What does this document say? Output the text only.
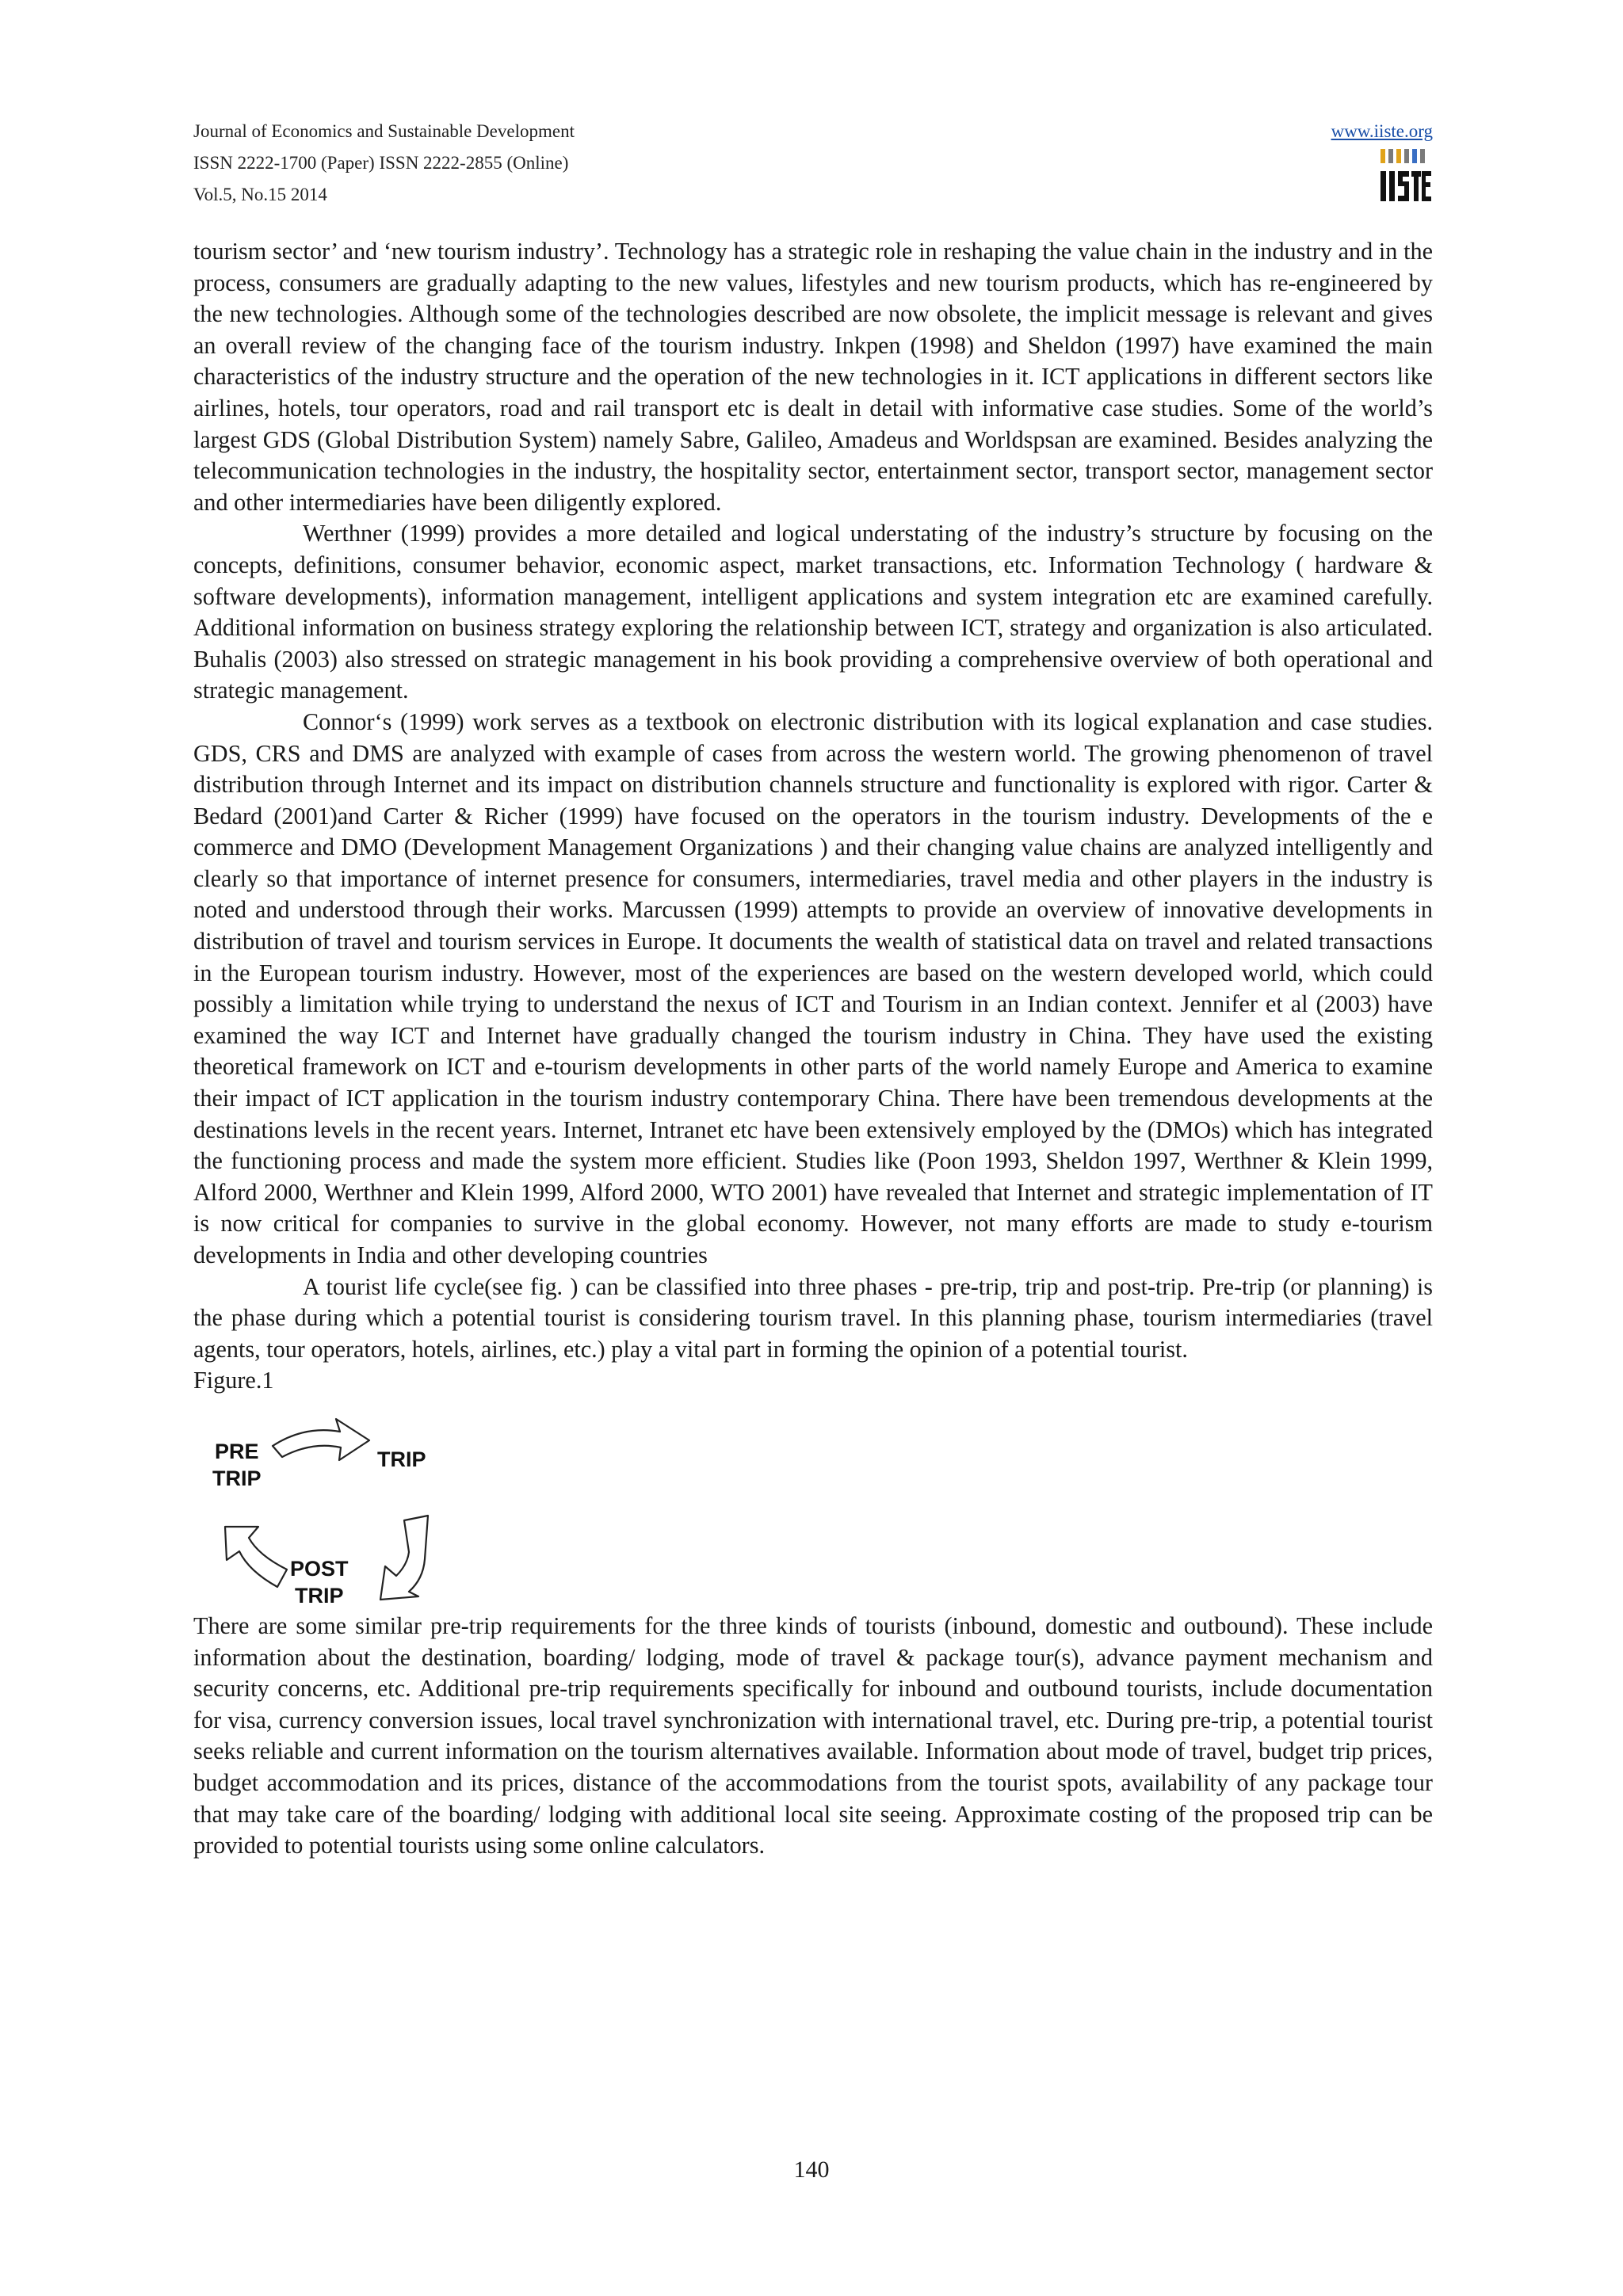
Journal of Economics and Sustainable Development
ISSN 2222-1700 (Paper) ISSN 2222-2855 (Online)
Vol.5, No.15 2014
www.iiste.org

tourism sector’ and ‘new tourism industry’. Technology has a strategic role in reshaping the value chain in the industry and in the process, consumers are gradually adapting to the new values, lifestyles and new tourism products, which has re-engineered by the new technologies. Although some of the technologies described are now obsolete, the implicit message is relevant and gives an overall review of the changing face of the tourism industry. Inkpen (1998) and Sheldon (1997) have examined the main characteristics of the industry structure and the operation of the new technologies in it. ICT applications in different sectors like airlines, hotels, tour operators, road and rail transport etc is dealt in detail with informative case studies. Some of the world’s largest GDS (Global Distribution System) namely Sabre, Galileo, Amadeus and Worldspsan are examined. Besides analyzing the telecommunication technologies in the industry, the hospitality sector, entertainment sector, transport sector, management sector and other intermediaries have been diligently explored.

Werthner (1999) provides a more detailed and logical understating of the industry’s structure by focusing on the concepts, definitions, consumer behavior, economic aspect, market transactions, etc. Information Technology ( hardware & software developments), information management, intelligent applications and system integration etc are examined carefully. Additional information on business strategy exploring the relationship between ICT, strategy and organization is also articulated. Buhalis (2003) also stressed on strategic management in his book providing a comprehensive overview of both operational and strategic management.

Connor‘s (1999) work serves as a textbook on electronic distribution with its logical explanation and case studies. GDS, CRS and DMS are analyzed with example of cases from across the western world. The growing phenomenon of travel distribution through Internet and its impact on distribution channels structure and functionality is explored with rigor. Carter & Bedard (2001)and Carter & Richer (1999) have focused on the operators in the tourism industry. Developments of the e commerce and DMO (Development Management Organizations ) and their changing value chains are analyzed intelligently and clearly so that importance of internet presence for consumers, intermediaries, travel media and other players in the industry is noted and understood through their works. Marcussen (1999) attempts to provide an overview of innovative developments in distribution of travel and tourism services in Europe. It documents the wealth of statistical data on travel and related transactions in the European tourism industry. However, most of the experiences are based on the western developed world, which could possibly a limitation while trying to understand the nexus of ICT and Tourism in an Indian context. Jennifer et al (2003) have examined the way ICT and Internet have gradually changed the tourism industry in China. They have used the existing theoretical framework on ICT and e-tourism developments in other parts of the world namely Europe and America to examine their impact of ICT application in the tourism industry contemporary China. There have been tremendous developments at the destinations levels in the recent years. Internet, Intranet etc have been extensively employed by the (DMOs) which has integrated the functioning process and made the system more efficient. Studies like (Poon 1993, Sheldon 1997, Werthner & Klein 1999, Alford 2000, Werthner and Klein 1999, Alford 2000, WTO 2001) have revealed that Internet and strategic implementation of IT is now critical for companies to survive in the global economy. However, not many efforts are made to study e-tourism developments in India and other developing countries

A tourist life cycle(see fig. ) can be classified into three phases - pre-trip, trip and post-trip. Pre-trip (or planning) is the phase during which a potential tourist is considering tourism travel. In this planning phase, tourism intermediaries (travel agents, tour operators, hotels, airlines, etc.) play a vital part in forming the opinion of a potential tourist.

Figure.1

PRE
TRIP
TRIP
POST
TRIP

There are some similar pre-trip requirements for the three kinds of tourists (inbound, domestic and outbound). These include information about the destination, boarding/ lodging, mode of travel & package tour(s), advance payment mechanism and security concerns, etc. Additional pre-trip requirements specifically for inbound and outbound tourists, include documentation for visa, currency conversion issues, local travel synchronization with international travel, etc. During pre-trip, a potential tourist seeks reliable and current information on the tourism alternatives available. Information about mode of travel, budget trip prices, budget accommodation and its prices, distance of the accommodations from the tourist spots, availability of any package tour that may take care of the boarding/ lodging with additional local site seeing. Approximate costing of the proposed trip can be provided to potential tourists using some online calculators.

140
